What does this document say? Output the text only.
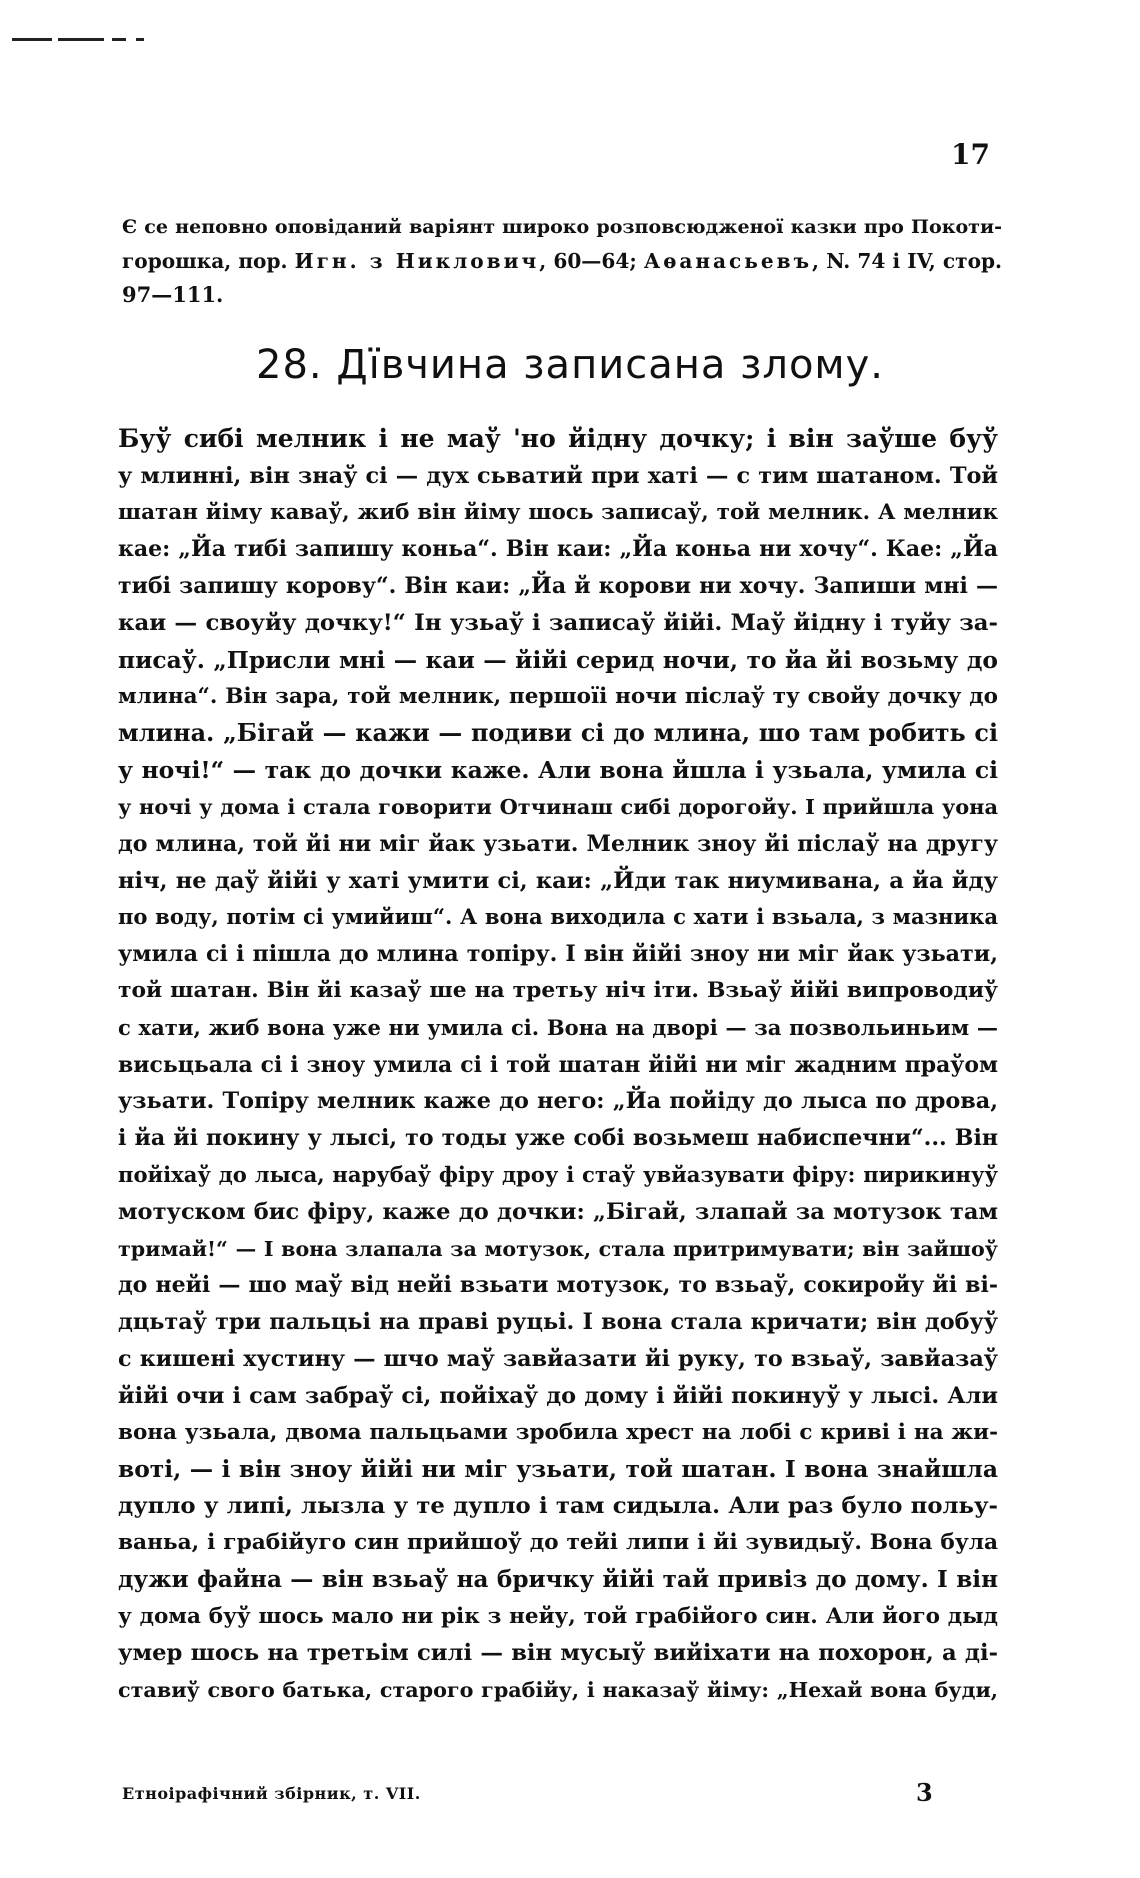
17
Є се неповно оповіданий варіянт широко розповсюдженої казки про Покоти-
горошка, пор. Игн. з Никлович, 60—64; Аѳанасьевъ, N. 74 і IV, стор.
97—111.
28. Дївчина записана злому.
Буў сибі мелник і не маў 'но йідну дочку; і він заўше буў
у млинні, він знаў сі — дух сьватий при хаті — с тим шатаном. Той
шатан йіму каваў, жиб він йіму шось записаў, той мелник. А мелник
кае: „Йа тибі запишу коньа“. Він каи: „Йа коньа ни хочу“. Кае: „Йа
тибі запишу корову“. Він каи: „Йа й корови ни хочу. Запиши мні —
каи — своуйу дочку!“ Ін узьаў і записаў йійі. Маў йідну і туйу за-
писаў. „Присли мні — каи — йійі серид ночи, то йа йі возьму до
млина“. Він зара, той мелник, першоїі ночи післаў ту свойу дочку до
млина. „Бігай — кажи — подиви сі до млина, шо там робить сі
у ночі!“ — так до дочки каже. Али вона йшла і узьала, умила сі
у ночі у дома і стала говорити Отчинаш сибі дорогойу. І прийшла уона
до млина, той йі ни міг йак узьати. Мелник зноу йі післаў на другу
ніч, не даў йійі у хаті умити сі, каи: „Йди так ниумивана, а йа йду
по воду, потім сі умийиш“. А вона виходила с хати і взьала, з мазника
умила сі і пішла до млина топіру. І він йійі зноу ни міг йак узьати,
той шатан. Він йі казаў ше на третьу ніч іти. Взьаў йійі випроводиў
с хати, жиб вона уже ни умила сі. Вона на дворі — за позвольиньим —
висьцьала сі і зноу умила сі і той шатан йійі ни міг жадним праўом
узьати. Топіру мелник каже до него: „Йа пойіду до лыса по дрова,
і йа йі покину у лысі, то тоды уже собі возьмеш набиспечни“... Він
пойіхаў до лыса, нарубаў фіру дроу і стаў увйазувати фіру: пирикинуў
мотуском бис фіру, каже до дочки: „Бігай, злапай за мотузок там
тримай!“ — І вона злапала за мотузок, стала притримувати; він зайшоў
до нейі — шо маў від нейі взьати мотузок, то взьаў, сокиройу йі ві-
дцьтаў три пальцьі на праві руцьі. І вона стала кричати; він добуў
с кишені хустину — шчо маў завйазати йі руку, то взьаў, завйазаў
йійі очи і сам забраў сі, пойіхаў до дому і йійі покинуў у лысі. Али
вона узьала, двома пальцьами зробила хрест на лобі с криві і на жи-
воті, — і він зноу йійі ни міг узьати, той шатан. І вона знайшла
дупло у липі, лызла у те дупло і там сидыла. Али раз було польу-
ваньа, і грабійуго син прийшоў до тейі липи і йі зувидыў. Вона була
дужи файна — він взьаў на бричку йійі тай привіз до дому. І він
у дома буў шось мало ни рік з нейу, той грабійого син. Али його дыд
умер шось на третьім силі — він мусыў вийіхати на похорон, а ді-
ставиў свого батька, старого грабійу, і наказаў йіму: „Нехай вона буди,
Етноірафічний збірник, т. VII.	3
